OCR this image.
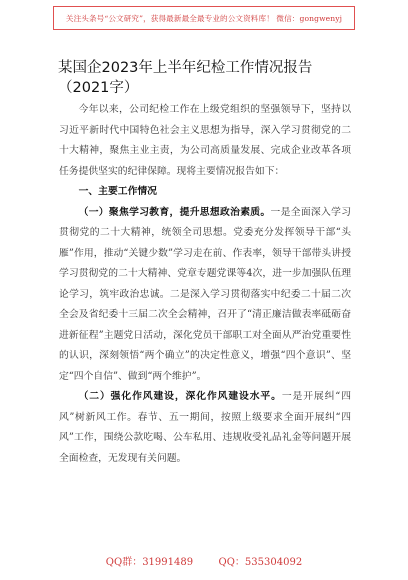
关注头条号“公文研究”，获得最新最全最专业的公文资料库！ 微信：gongwenyj
某国企2023年上半年纪检工作情况报告（2021字）

今年以来，公司纪检工作在上级党组织的坚强领导下，坚持以习近平新时代中国特色社会主义思想为指导，深入学习贯彻党的二十大精神，聚焦主业主责，为公司高质量发展、完成企业改革各项任务提供坚实的纪律保障。现将主要情况报告如下：

一、主要工作情况

（一）聚焦学习教育，提升思想政治素质。一是全面深入学习贯彻党的二十大精神，统领全司思想。党委充分发挥领导干部“头雁”作用，推动“关键少数”学习走在前、作表率，领导干部带头讲授学习贯彻党的二十大精神、党章专题党课等4次，进一步加强队伍理论学习，筑牢政治忠诚。二是深入学习贯彻落实中纪委二十届二次全会及省纪委十三届二次全会精神，召开了“清正廉洁做表率砥砺奋进新征程”主题党日活动，深化党员干部职工对全面从严治党重要性的认识，深刻领悟“两个确立”的决定性意义，增强“四个意识”、坚定“四个自信”、做到“两个维护”。

（二）强化作风建设，深化作风建设水平。一是开展纠“四风”树新风工作。春节、五一期间，按照上级要求全面开展纠“四风”工作，围绕公款吃喝、公车私用、违规收受礼品礼金等问题开展全面检查，无发现有关问题。

QQ群：31991489        QQ：535304092
